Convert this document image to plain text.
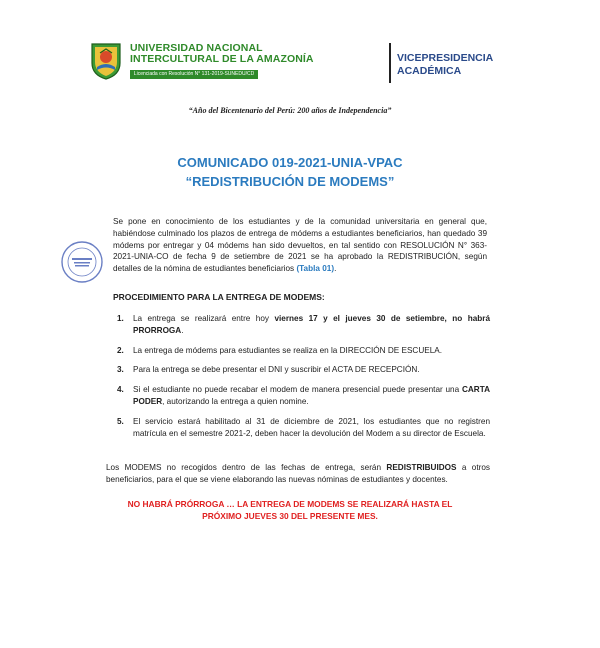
UNIVERSIDAD NACIONAL
INTERCULTURAL DE LA AMAZONÍA
Licenciada con Resolución N° 131-2019-SUNEDU/CD
VICEPRESIDENCIA
ACADÉMICA
“Año del Bicentenario del Perú: 200 años de Independencia”
COMUNICADO 019-2021-UNIA-VPAC
“REDISTRIBUCIÓN DE MODEMS”
Se pone en conocimiento de los estudiantes y de la comunidad universitaria en general que, habiéndose culminado los plazos de entrega de módems a estudiantes beneficiarios, han quedado 39 módems por entregar y 04 módems han sido devueltos, en tal sentido con RESOLUCIÓN N° 363-2021-UNIA-CO de fecha 9 de setiembre de 2021 se ha aprobado la REDISTRIBUCIÓN, según detalles de la nómina de estudiantes beneficiarios (Tabla 01).
PROCEDIMIENTO PARA LA ENTREGA DE MODEMS:
1. La entrega se realizará entre hoy viernes 17 y el jueves 30 de setiembre, no habrá PRORROGA.
2. La entrega de módems para estudiantes se realiza en la DIRECCIÓN DE ESCUELA.
3. Para la entrega se debe presentar el DNI y suscribir el ACTA DE RECEPCIÓN.
4. Si el estudiante no puede recabar el modem de manera presencial puede presentar una CARTA PODER, autorizando la entrega a quien nomine.
5. El servicio estará habilitado al 31 de diciembre de 2021, los estudiantes que no registren matrícula en el semestre 2021-2, deben hacer la devolución del Modem a su director de Escuela.
Los MODEMS no recogidos dentro de las fechas de entrega, serán REDISTRIBUIDOS a otros beneficiarios, para el que se viene elaborando las nuevas nóminas de estudiantes y docentes.
NO HABRÁ PRÓRROGA … LA ENTREGA DE MODEMS SE REALIZARÁ HASTA EL
PRÓXIMO JUEVES 30 DEL PRESENTE MES.
